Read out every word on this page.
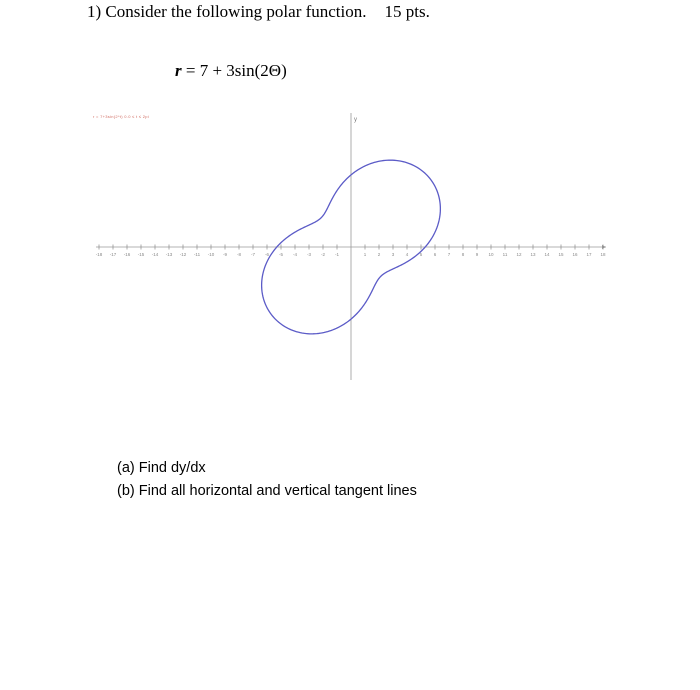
1) Consider the following polar function. 15 pts.
r = 7 + 3sin(2Θ)
r = 7+3sin(2*t) 0.0 ≤ t ≤ 2pi
y
-18 -17 -16 -15 -14 -13 -12 -11 -10 -9 -8 -7 -6 -5 -4 -3 -2 -1	1	2	3	4	5	6	7	8	9 10 11 12 13 14 15 16 17 18
(a) Find dy/dx
(b) Find all horizontal and vertical tangent lines
